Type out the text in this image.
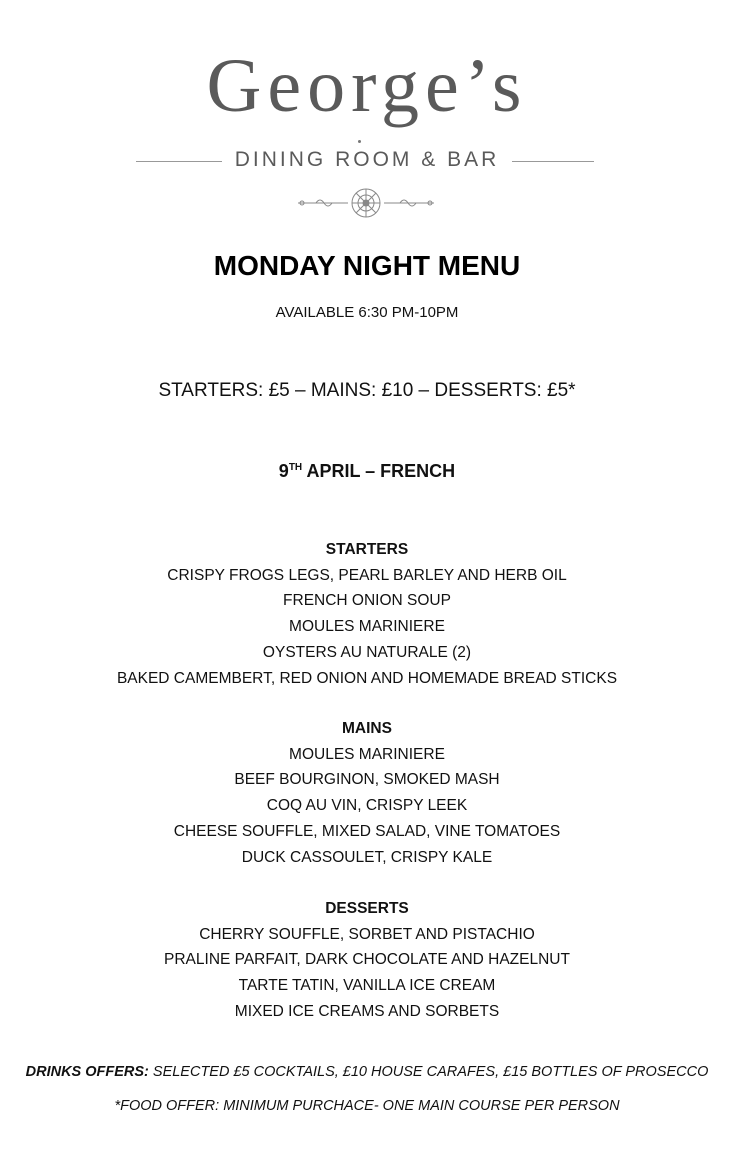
George’s
DINING ROOM & BAR
MONDAY NIGHT MENU
AVAILABLE 6:30 PM-10PM
STARTERS: £5 – MAINS: £10 – DESSERTS: £5*
9TH APRIL – FRENCH
STARTERS
CRISPY FROGS LEGS, PEARL BARLEY AND HERB OIL
FRENCH ONION SOUP
MOULES MARINIERE
OYSTERS AU NATURALE (2)
BAKED CAMEMBERT, RED ONION AND HOMEMADE BREAD STICKS
MAINS
MOULES MARINIERE
BEEF BOURGINON, SMOKED MASH
COQ AU VIN, CRISPY LEEK
CHEESE SOUFFLE, MIXED SALAD, VINE TOMATOES
DUCK CASSOULET, CRISPY KALE
DESSERTS
CHERRY SOUFFLE, SORBET AND PISTACHIO
PRALINE PARFAIT, DARK CHOCOLATE AND HAZELNUT
TARTE TATIN, VANILLA ICE CREAM
MIXED ICE CREAMS AND SORBETS
DRINKS OFFERS: SELECTED £5 COCKTAILS, £10 HOUSE CARAFES, £15 BOTTLES OF PROSECCO
*FOOD OFFER: MINIMUM PURCHACE- ONE MAIN COURSE PER PERSON
